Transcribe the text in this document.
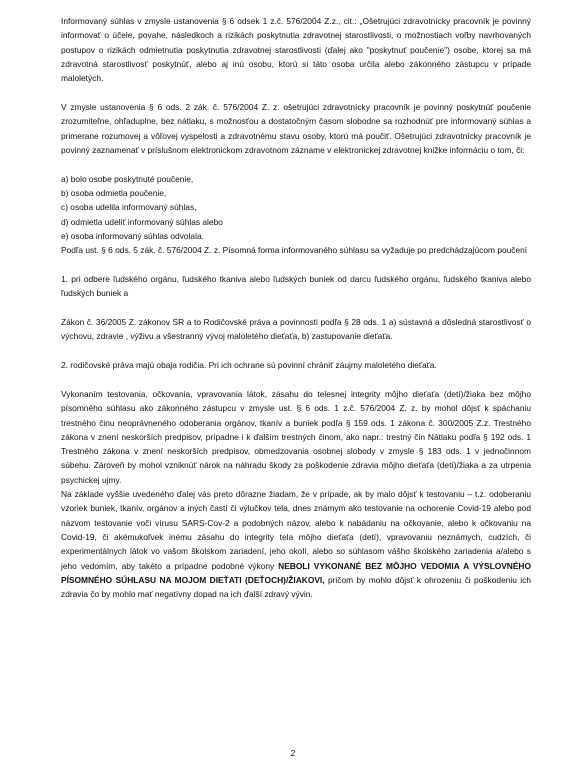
Informovaný súhlas v zmysle ustanovenia § 6 odsek 1 z.č. 576/2004 Z.z., cit.: „Ošetrujúci zdravotnícky pracovník je povinný informovať o účele, povahe, následkoch a rizikách poskytnutia zdravotnej starostlivosti, o možnostiach voľby navrhovaných postupov o rizikách odmietnutia poskytnutia zdravotnej starostlivosti (ďalej ako "poskytnuť poučenie") osobe, ktorej sa má zdravotná starostlivosť poskytnúť, alebo aj inú osobu, ktorú si táto osoba určila alebo zákonného zástupcu v prípade maloletých.

V zmysle ustanovenia § 6 ods. 2 zák. č. 576/2004 Z. z. ošetrujúci zdravotnícky pracovník je povinný poskytnúť poučenie zrozumiteľne, ohľaduplne, bez nátlaku, s možnosťou a dostatočným časom slobodne sa rozhodnúť pre informovaný súhlas a primerane rozumovej a vôľovej vyspelosti a zdravotnému stavu osoby, ktorú má poučiť. Ošetrujúci zdravotnícky pracovník je povinný zaznamenať v príslušnom elektronickom zdravotnom zázname v elektronickej zdravotnej knižke informáciu o tom, či:

a) bolo osobe poskytnuté poučenie,

b) osoba odmietla poučenie,

c) osoba udelila informovaný súhlas,

d) odmietla udeliť informovaný súhlas alebo

e) osoba informovaný súhlas odvolala.

Podľa ust. § 6 ods. 5 zák. č. 576/2004 Z. z. Písomná forma informovaného súhlasu sa vyžaduje po predchádzajúcom poučení

1. pri odbere ľudského orgánu, ľudského tkaniva alebo ľudských buniek od darcu ľudského orgánu, ľudského tkaniva alebo ľudských buniek a

Zákon č. 36/2005 Z. zákonov SR a to Rodičovské práva a povinnosti podľa § 28 ods. 1 a) sústavná a dôsledná starostlivosť o výchovu, zdravie , výživu a všestranný vývoj maloletého dieťaťa, b) zastupovanie dieťaťa.

2. rodičovské práva majú obaja rodičia. Pri ich ochrane sú povinní chrániť záujmy maloletého dieťaťa.

Vykonaním testovania, očkovania, vpravovania látok, zásahu do telesnej integrity môjho dieťaťa (detí)/žiaka bez môjho písomného súhlasu ako zákonného zástupcu v zmysle ust. § 6 ods. 1 z.č. 576/2004 Z. z. by mohol dôjsť k spáchaniu trestného činu neoprávneného odoberania orgánov, tkanív a buniek podľa § 159 ods. 1 zákona č. 300/2005 Z.z. Trestného zákona v znení neskorších predpisov, prípadne i k ďalším trestných činom, ako napr.: trestný čin Nátlaku podľa § 192 ods. 1 Trestného zákona v znení neskorších predpisov, obmedzovania osobnej slobody v zmysle § 183 ods. 1 v jednočinnom súbehu. Zároveň by mohol vzniknúť nárok na náhradu škody za poškodenie zdravia môjho dieťaťa (detí)/žiaka a za utrpenia psychickej ujmy.

Na základe vyššie uvedeného ďalej vás preto dôrazne žiadam, že v prípade, ak by malo dôjsť k testovaniu – t.z. odoberaniu vzoriek buniek, tkanív, orgánov a iných častí či výlučkov tela, dnes známym ako testovanie na ochorenie Covid-19 alebo pod názvom testovanie voči vírusu SARS-Cov-2 a podobných názov, alebo k nabádaniu na očkovanie, alebo k očkovaniu na Covid-19, či akémukoľvek inému zásahu do integrity tela môjho dieťaťa (detí), vpravovaniu neznámych, cudzích, či experimentálnych látok vo vašom školskom zariadení, jeho okolí, alebo so súhlasom vášho školského zariadenia a/alebo s jeho vedomím, aby takéto a prípadne podobné výkony NEBOLI VYKONANÉ BEZ MÔJHO VEDOMIA A VÝSLOVNÉHO PÍSOMNÉHO SÚHLASU NA MOJOM DIEŤATI (DEŤOCH)/ŽIAKOVI, pričom by mohlo dôjsť k ohrozeniu či poškodeniu ich zdravia čo by mohlo mať negatívny dopad na ich ďalší zdravý vývin.

2
